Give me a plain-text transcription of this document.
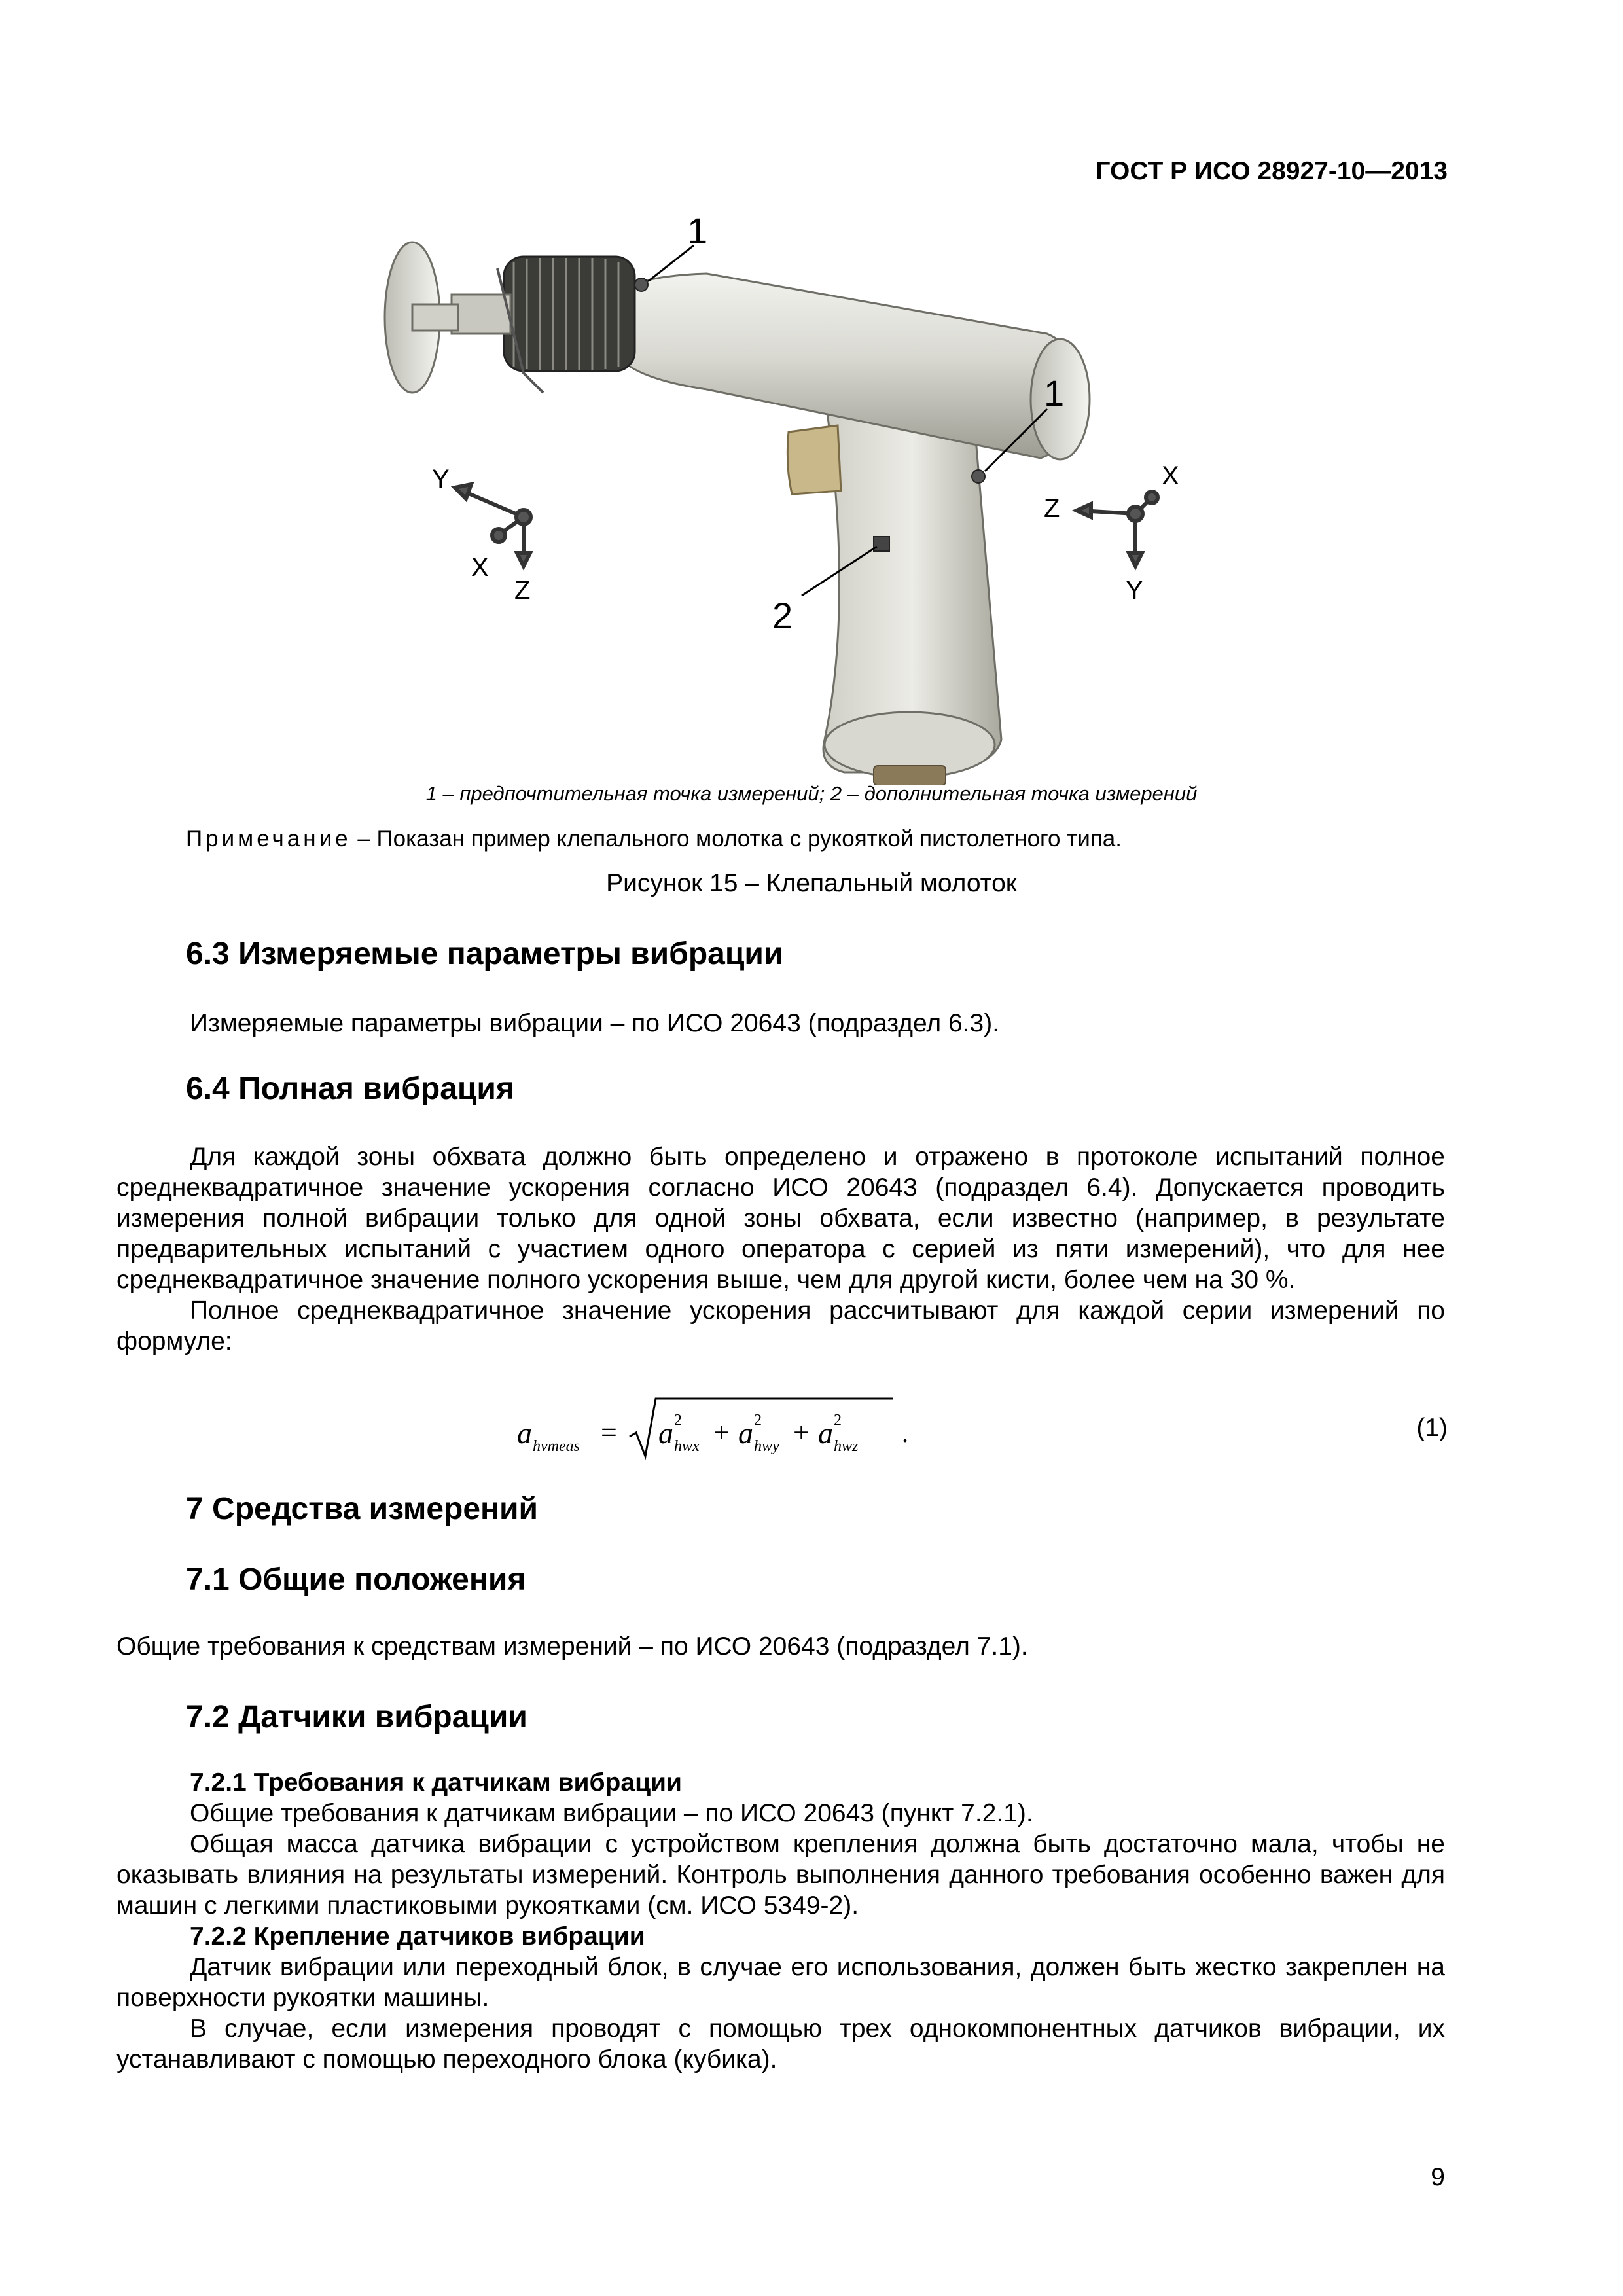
ГОСТ Р ИСО 28927-10—2013
1
1
2
Y
X
Z
Z
X
Y
1 – предпочтительная точка измерений; 2 – дополнительная точка измерений
Примечание – Показан пример клепального молотка с рукояткой пистолетного типа.
Рисунок 15 – Клепальный молоток
6.3 Измеряемые параметры вибрации
Измеряемые параметры вибрации – по ИСО 20643 (подраздел 6.3).
6.4 Полная вибрация

Для каждой зоны обхвата должно быть определено и отражено в протоколе испытаний полное среднеквадратичное значение ускорения согласно ИСО 20643 (подраздел 6.4). Допускается проводить измерения полной вибрации только для одной зоны обхвата, если известно (например, в результате предварительных испытаний с участием одного оператора с серией из пяти измерений), что для нее среднеквадратичное значение полного ускорения выше, чем для другой кисти, более чем на 30 %.

Полное среднеквадратичное значение ускорения рассчитывают для каждой серии измерений по формуле:

a hvmeas = a 2
hwx + a 2
hwy + a 2
hwz .	(1)
7 Средства измерений
7.1 Общие положения
Общие требования к средствам измерений – по ИСО 20643 (подраздел 7.1).
7.2 Датчики вибрации

7.2.1 Требования к датчикам вибрации

Общие требования к датчикам вибрации – по ИСО 20643 (пункт 7.2.1).

Общая масса датчика вибрации с устройством крепления должна быть достаточно мала, чтобы не оказывать влияния на результаты измерений. Контроль выполнения данного требования особенно важен для машин с легкими пластиковыми рукоятками (см. ИСО 5349-2).

7.2.2 Крепление датчиков вибрации

Датчик вибрации или переходный блок, в случае его использования, должен быть жестко закреплен на поверхности рукоятки машины.

В случае, если измерения проводят с помощью трех однокомпонентных датчиков вибрации, их устанавливают с помощью переходного блока (кубика).

9
